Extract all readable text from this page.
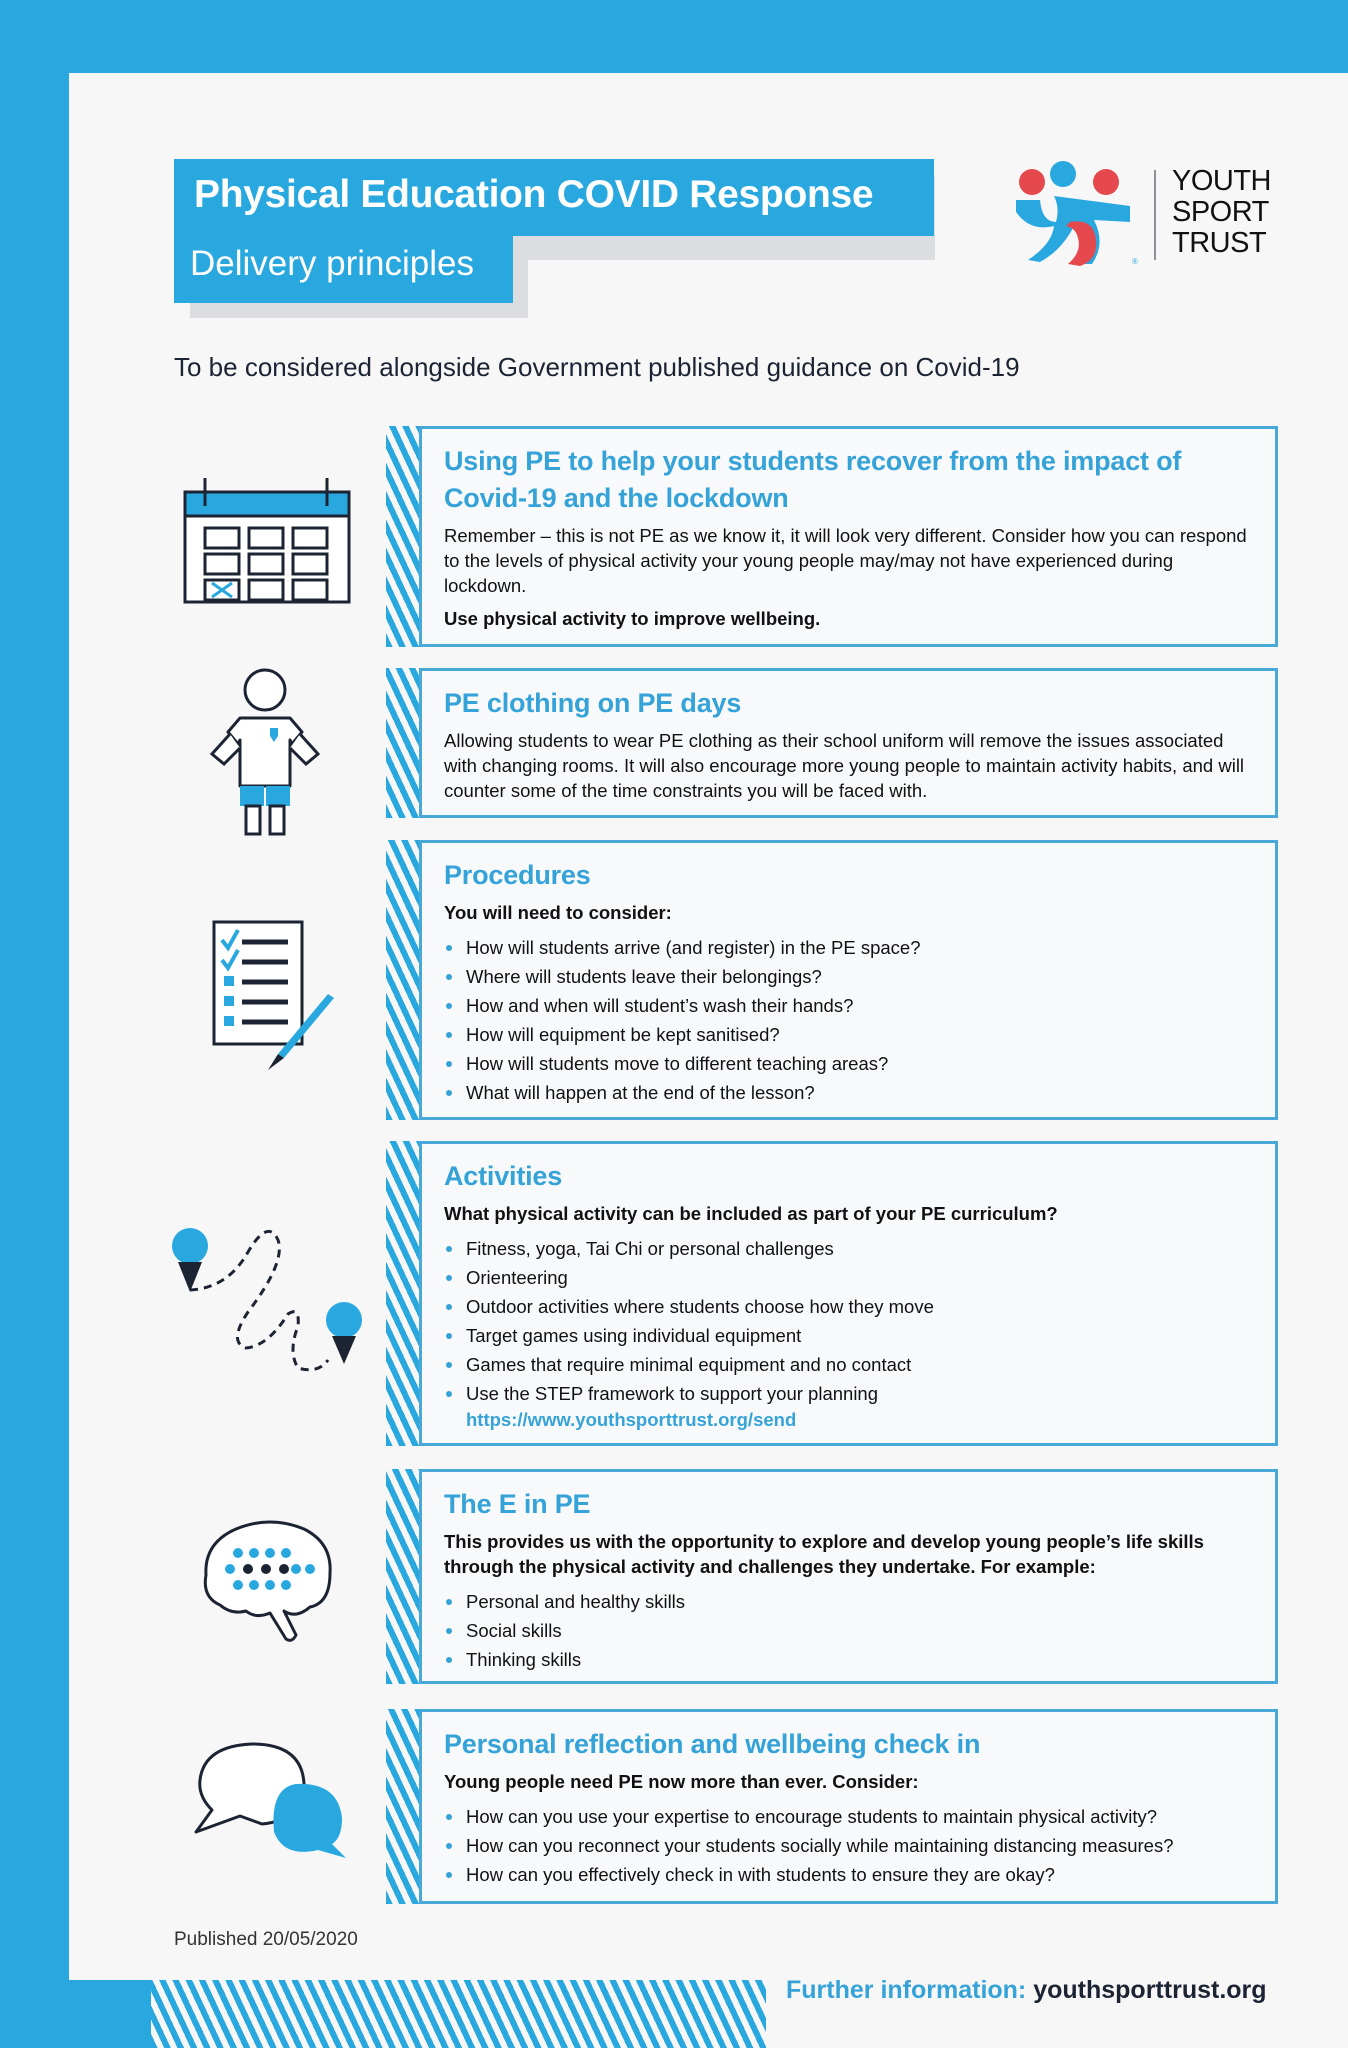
Physical Education COVID Response
Delivery principles	®
YOUTH
SPORT
TRUST
To be considered alongside Government published guidance on Covid-19
Using PE to help your students recover from the impact of Covid-19 and the lockdown

Remember – this is not PE as we know it, it will look very different. Consider how you can respond to the levels of physical activity your young people may/may not have experienced during lockdown.

Use physical activity to improve wellbeing.

PE clothing on PE days

Allowing students to wear PE clothing as their school uniform will remove the issues associated with changing rooms. It will also encourage more young people to maintain activity habits, and will counter some of the time constraints you will be faced with.

Procedures

You will need to consider:

How will students arrive (and register) in the PE space?
Where will students leave their belongings?
How and when will student’s wash their hands?
How will equipment be kept sanitised?
How will students move to different teaching areas?
What will happen at the end of the lesson?
Activities

What physical activity can be included as part of your PE curriculum?

Fitness, yoga, Tai Chi or personal challenges
Orienteering
Outdoor activities where students choose how they move
Target games using individual equipment
Games that require minimal equipment and no contact
Use the STEP framework to support your planning
https://www.youthsporttrust.org/send
The E in PE

This provides us with the opportunity to explore and develop young people’s life skills through the physical activity and challenges they undertake. For example:

Personal and healthy skills
Social skills
Thinking skills
Personal reflection and wellbeing check in

Young people need PE now more than ever. Consider:

How can you use your expertise to encourage students to maintain physical activity?
How can you reconnect your students socially while maintaining distancing measures?
How can you effectively check in with students to ensure they are okay?
Published 20/05/2020
Further information: youthsporttrust.org
